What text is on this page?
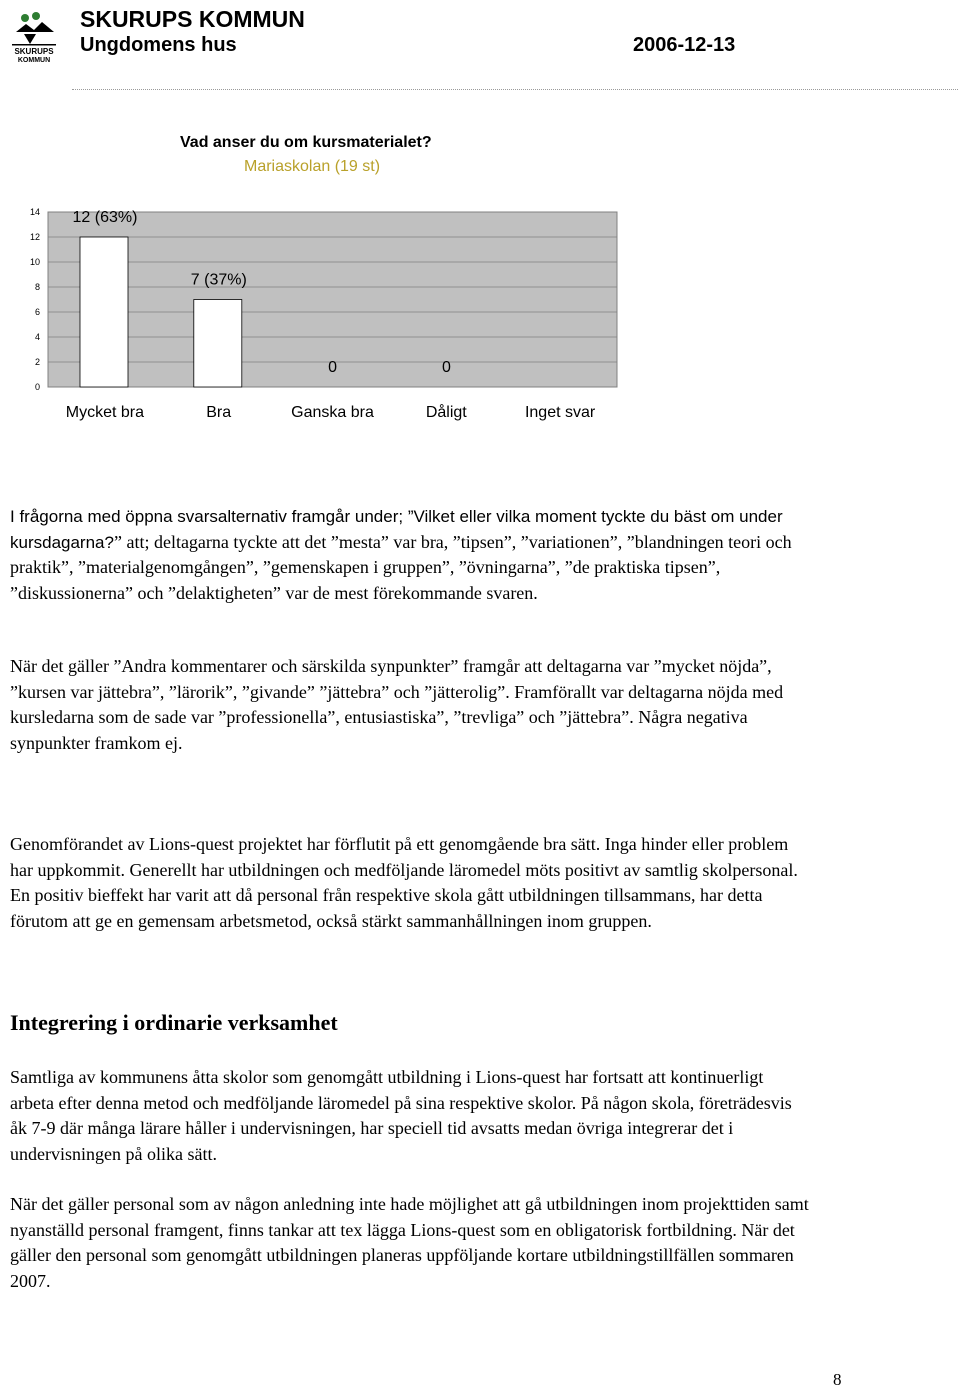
SKURUPS
KOMMUN
SKURUPS KOMMUN
Ungdomens hus	2006-12-13
Vad anser du om kursmaterialet?
Mariaskolan (19 st)
0
2
4
6
8
10
12
14 12 (63%)
Mycket bra
7 (37%)
Bra
0
Ganska bra
0
Dåligt	Inget svar
I frågorna med öppna svarsalternativ framgår under; ”Vilket eller vilka moment tyckte du bäst om under kursdagarna?” att; deltagarna tyckte att det ”mesta” var bra, ”tipsen”, ”variationen”, ”blandningen teori och praktik”, ”materialgenomgången”, ”gemenskapen i gruppen”, ”övningarna”, ”de praktiska tipsen”, ”diskussionerna” och ”delaktigheten” var de mest förekommande svaren.
När det gäller ”Andra kommentarer och särskilda synpunkter” framgår att deltagarna var ”mycket nöjda”, ”kursen var jättebra”, ”lärorik”, ”givande” ”jättebra” och ”jätterolig”. Framförallt var deltagarna nöjda med kursledarna som de sade var ”professionella”, entusiastiska”, ”trevliga” och ”jättebra”. Några negativa synpunkter framkom ej.
Genomförandet av Lions-quest projektet har förflutit på ett genomgående bra sätt. Inga hinder eller problem har uppkommit. Generellt har utbildningen och medföljande läromedel möts positivt av samtlig skolpersonal. En positiv bieffekt har varit att då personal från respektive skola gått utbildningen tillsammans, har detta förutom att ge en gemensam arbetsmetod, också stärkt sammanhållningen inom gruppen.
Integrering i ordinarie verksamhet
Samtliga av kommunens åtta skolor som genomgått utbildning i Lions-quest har fortsatt att kontinuerligt arbeta efter denna metod och medföljande läromedel på sina respektive skolor. På någon skola, företrädesvis åk 7-9 där många lärare håller i undervisningen, har speciell tid avsatts medan övriga integrerar det i undervisningen på olika sätt.
När det gäller personal som av någon anledning inte hade möjlighet att gå utbildningen inom projekttiden samt nyanställd personal framgent, finns tankar att tex lägga Lions-quest som en obligatorisk fortbildning. När det gäller den personal som genomgått utbildningen planeras uppföljande kortare utbildningstillfällen sommaren 2007.
8
